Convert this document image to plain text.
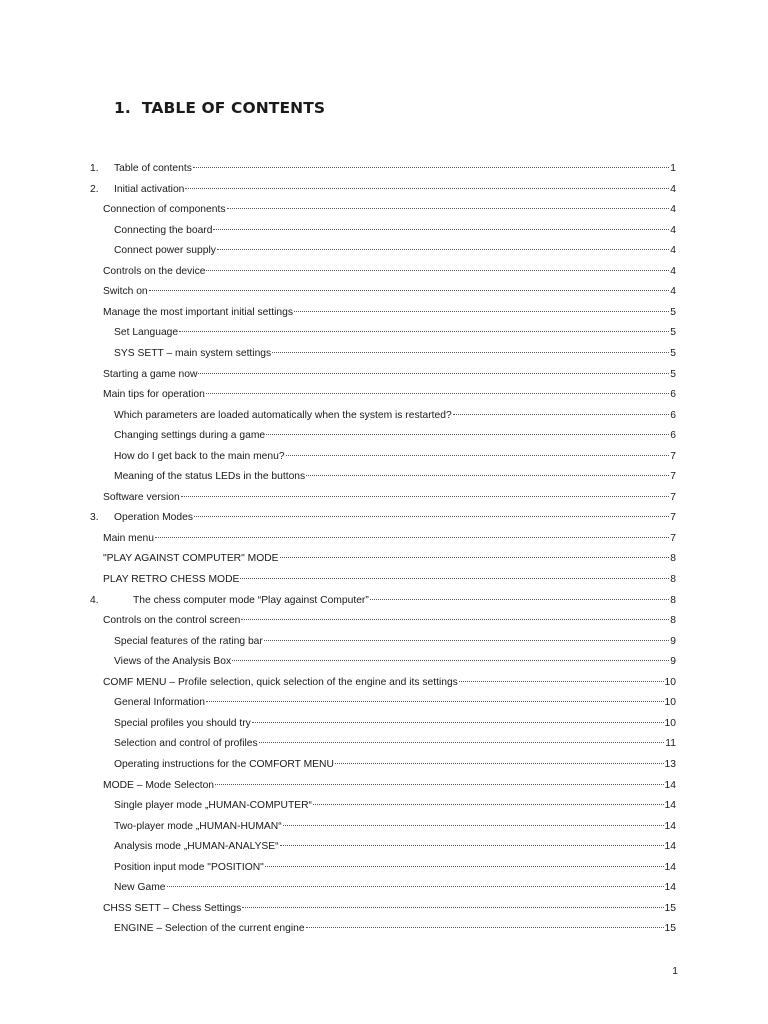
1. TABLE OF CONTENTS
1.	Table of contents	1
2.	Initial activation	4
Connection of components	4
Connecting the board	4
Connect power supply	4
Controls on the device	4
Switch on	4
Manage the most important initial settings	5
Set Language	5
SYS SETT – main system settings	5
Starting a game now	5
Main tips for operation	6
Which parameters are loaded automatically when the system is restarted?	6
Changing settings during a game	6
How do I get back to the main menu?	7
Meaning of the status LEDs in the buttons	7
Software version	7
3.	Operation Modes	7
Main menu	7
"PLAY AGAINST COMPUTER" MODE	8
PLAY RETRO CHESS MODE	8
4.	The chess computer mode “Play against Computer”	8
Controls on the control screen	8
Special features of the rating bar	9
Views of the Analysis Box	9
COMF MENU – Profile selection, quick selection of the engine and its settings	10
General Information	10
Special profiles you should try	10
Selection and control of profiles	11
Operating instructions for the COMFORT MENU	13
MODE – Mode Selecton	14
Single player mode „HUMAN-COMPUTER“	14
Two-player mode „HUMAN-HUMAN“	14
Analysis mode „HUMAN-ANALYSE“	14
Position input mode "POSITION"	14
New Game	14
CHSS SETT – Chess Settings	15
ENGINE – Selection of the current engine	15
1
